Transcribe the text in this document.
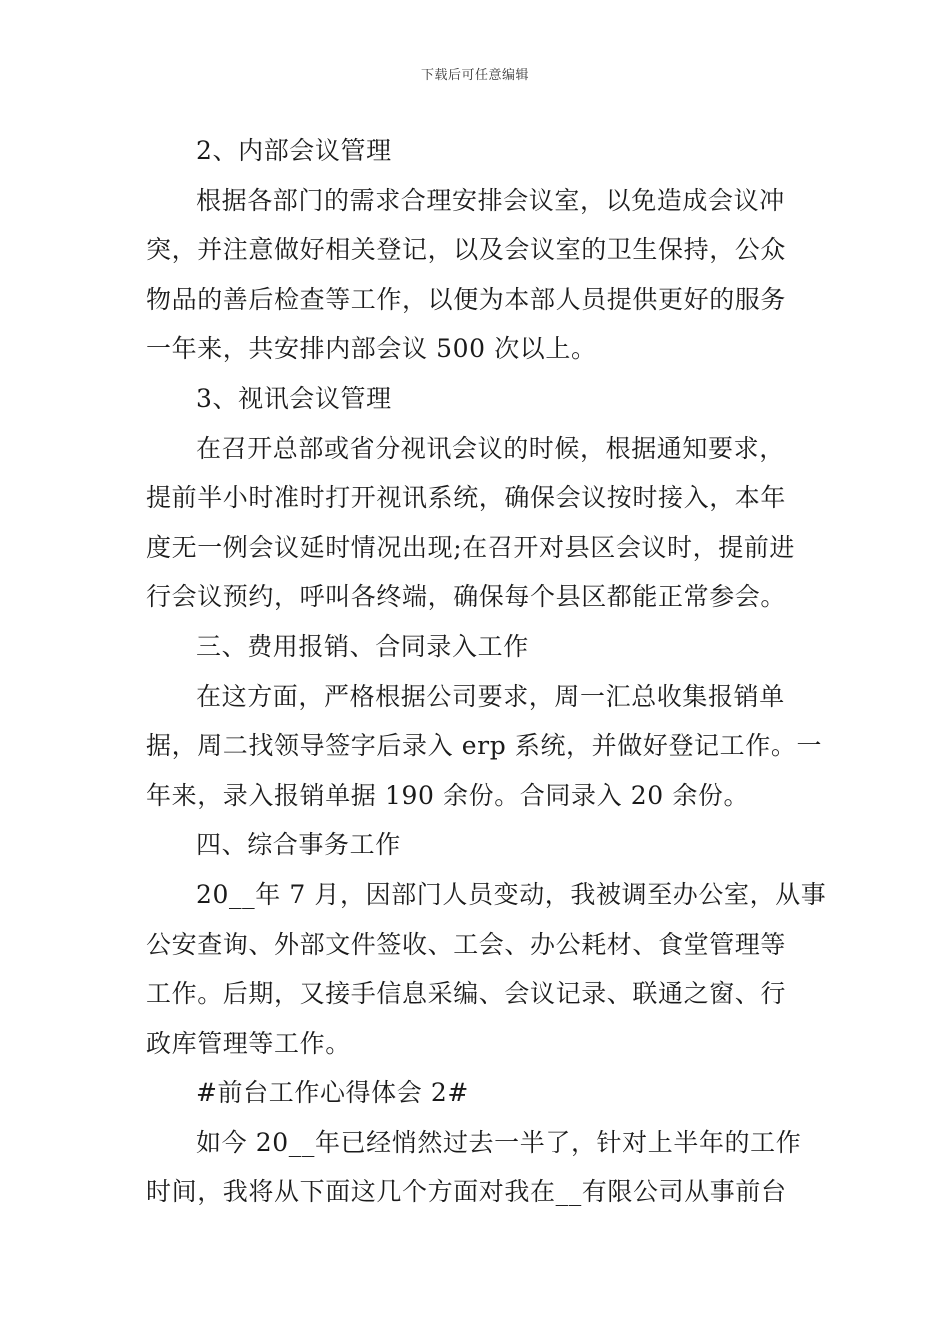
下载后可任意编辑
2、内部会议管理
根据各部门的需求合理安排会议室，以免造成会议冲
突，并注意做好相关登记，以及会议室的卫生保持，公众
物品的善后检查等工作，以便为本部人员提供更好的服务
一年来，共安排内部会议 500 次以上。
3、视讯会议管理
在召开总部或省分视讯会议的时候，根据通知要求，
提前半小时准时打开视讯系统，确保会议按时接入，本年
度无一例会议延时情况出现;在召开对县区会议时，提前进
行会议预约，呼叫各终端，确保每个县区都能正常参会。
三、费用报销、合同录入工作
在这方面，严格根据公司要求，周一汇总收集报销单
据，周二找领导签字后录入 erp 系统，并做好登记工作。一
年来，录入报销单据 190 余份。合同录入 20 余份。
四、综合事务工作
20__年 7 月，因部门人员变动，我被调至办公室，从事
公安查询、外部文件签收、工会、办公耗材、食堂管理等
工作。后期，又接手信息采编、会议记录、联通之窗、行
政库管理等工作。
#前台工作心得体会 2#
如今 20__年已经悄然过去一半了，针对上半年的工作
时间，我将从下面这几个方面对我在__有限公司从事前台
